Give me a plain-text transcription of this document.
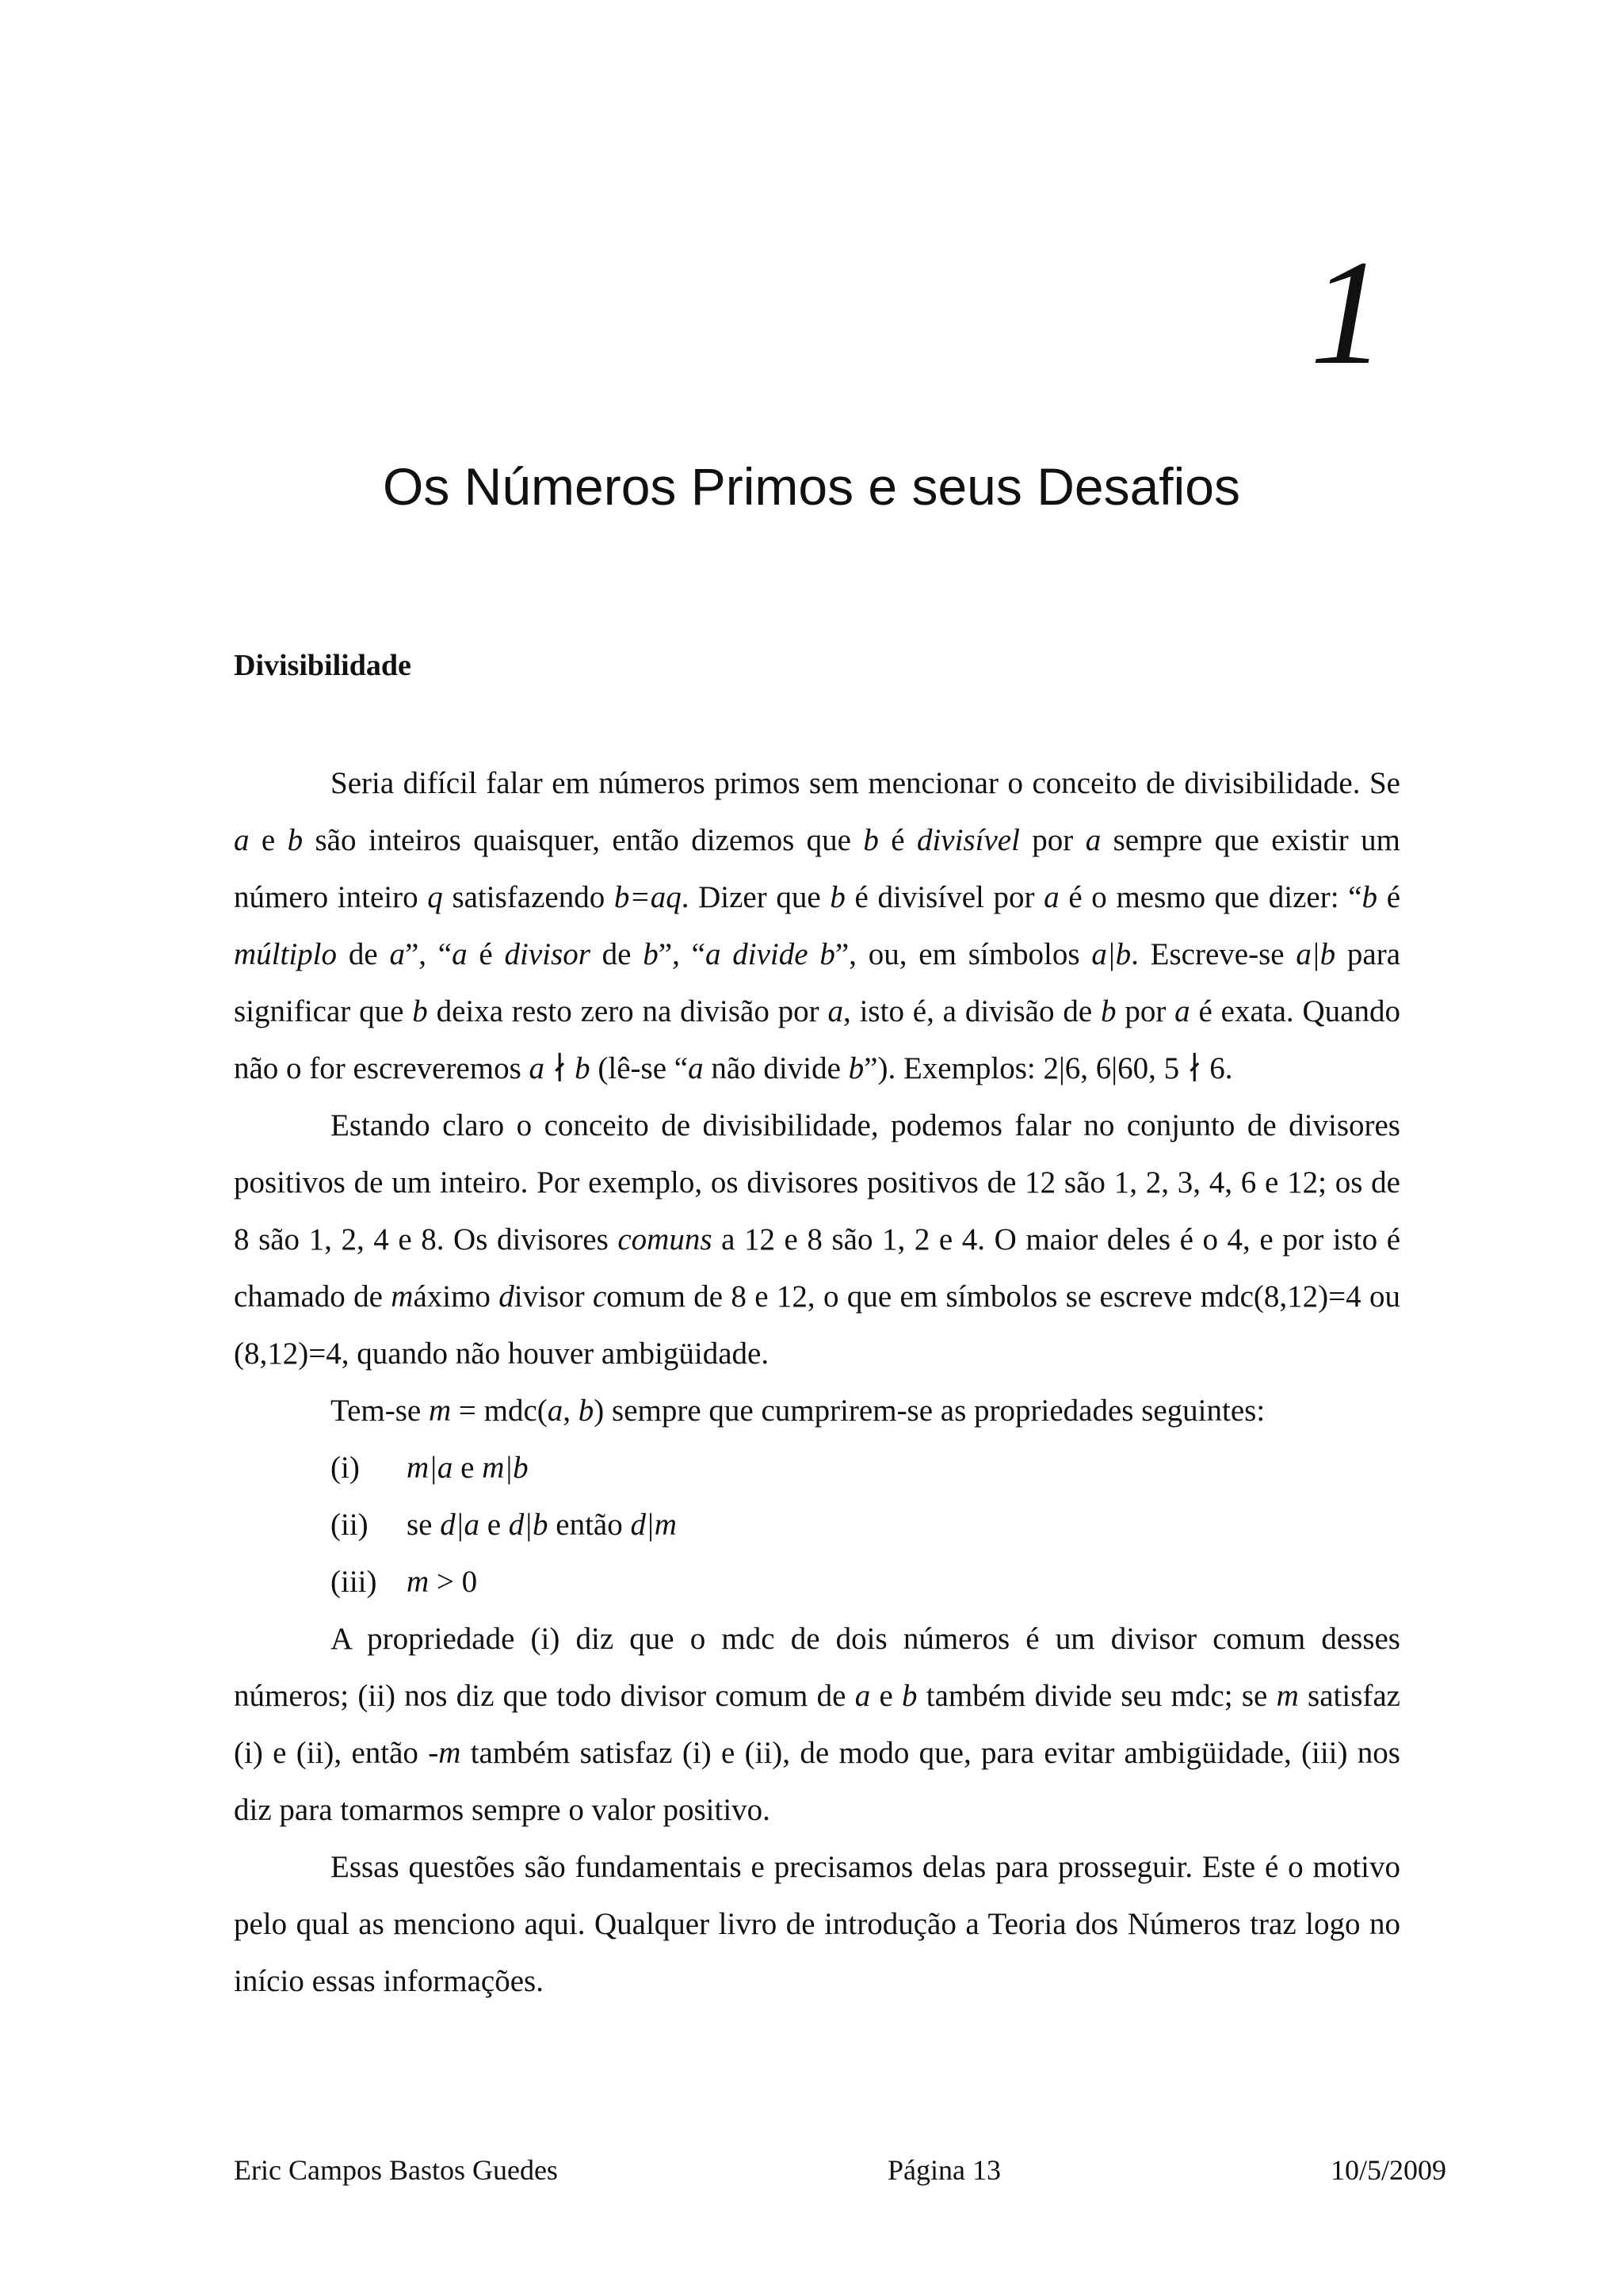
1
Os Números Primos e seus Desafios
Divisibilidade

Seria difícil falar em números primos sem mencionar o conceito de divisibilidade. Se a e b são inteiros quaisquer, então dizemos que b é divisível por a sempre que existir um número inteiro q satisfazendo b=aq. Dizer que b é divisível por a é o mesmo que dizer: “b é múltiplo de a”, “a é divisor de b”, “a divide b”, ou, em símbolos a|b. Escreve-se a|b para significar que b deixa resto zero na divisão por a, isto é, a divisão de b por a é exata. Quando não o for escreveremos a ∤ b (lê-se “a não divide b”). Exemplos: 2|6, 6|60, 5 ∤ 6.

Estando claro o conceito de divisibilidade, podemos falar no conjunto de divisores positivos de um inteiro. Por exemplo, os divisores positivos de 12 são 1, 2, 3, 4, 6 e 12; os de 8 são 1, 2, 4 e 8. Os divisores comuns a 12 e 8 são 1, 2 e 4. O maior deles é o 4, e por isto é chamado de máximo divisor comum de 8 e 12, o que em símbolos se escreve mdc(8,12)=4 ou (8,12)=4, quando não houver ambigüidade.

Tem-se m = mdc(a, b) sempre que cumprirem-se as propriedades seguintes:

(i) m|a e m|b
(ii) se d|a e d|b então d|m
(iii) m > 0

A propriedade (i) diz que o mdc de dois números é um divisor comum desses números; (ii) nos diz que todo divisor comum de a e b também divide seu mdc; se m satisfaz (i) e (ii), então -m também satisfaz (i) e (ii), de modo que, para evitar ambigüidade, (iii) nos diz para tomarmos sempre o valor positivo.

Essas questões são fundamentais e precisamos delas para prosseguir. Este é o motivo pelo qual as menciono aqui. Qualquer livro de introdução a Teoria dos Números traz logo no início essas informações.

Eric Campos Bastos Guedes	Página 13	10/5/2009
